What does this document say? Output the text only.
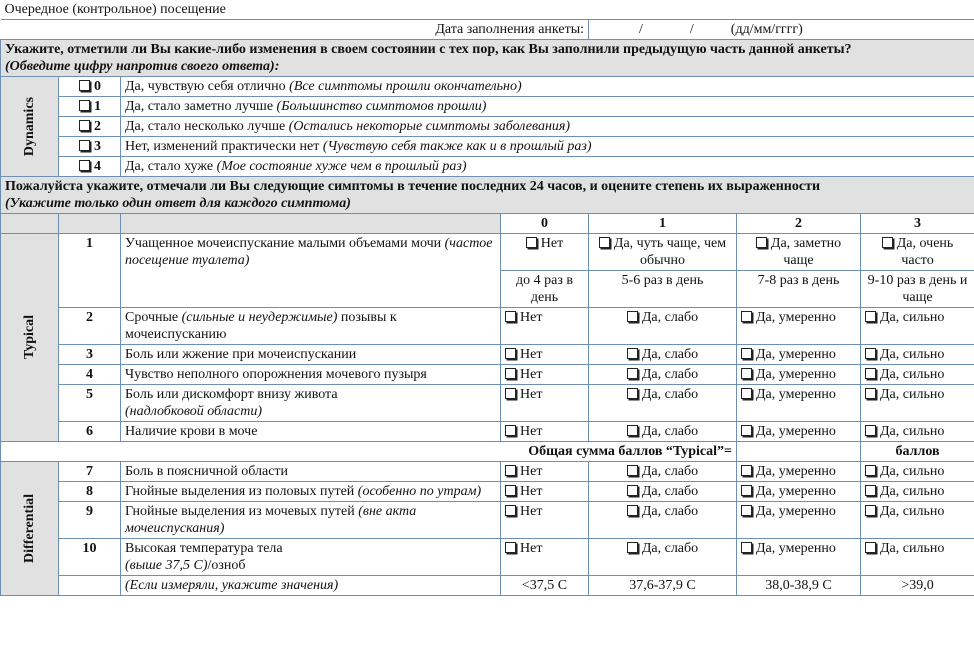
Очередное (контрольное) посещение						
Дата заполнения анкеты:				/ / (дд/мм/гггг)		

Укажите, отметили ли Вы какие-либо изменения в своем состоянии с тех пор, как Вы заполнили предыдущую часть данной анкеты?
(Обведите цифру напротив своего ответа):						

Dynamics	0	Да, чувствую себя отлично (Все симптомы прошли окончательно)				
	1	Да, стало заметно лучше (Большинство симптомов прошли)				
	2	Да, стало несколько лучше (Остались некоторые симптомы заболевания)				
	3	Нет, изменений практически нет (Чувствую себя также как и в прошлый раз)				
	4	Да, стало хуже (Мое состояние хуже чем в прошлый раз)				

Пожалуйста укажите, отмечали ли Вы следующие симптомы в течение последних 24 часов, и оцените степень их выраженности
(Укажите только один ответ для каждого симптома)						

			0	1	2	3

Typical	1	Учащенное мочеиспускание малыми объемами мочи (частое посещение туалета)	Нет	Да, чуть чаще, чем обычно	Да, заметно чаще	Да, очень часто
			до 4 раз в день	5-6 раз в день	7-8 раз в день	9-10 раз в день и чаще
	2	Срочные (сильные и неудержимые) позывы к мочеиспусканию	Нет	Да, слабо	Да, умеренно	Да, сильно
	3	Боль или жжение при мочеиспускании	Нет	Да, слабо	Да, умеренно	Да, сильно
	4	Чувство неполного опорожнения мочевого пузыря	Нет	Да, слабо	Да, умеренно	Да, сильно
	5	Боль или дискомфорт внизу живота
(надлобковой области)	Нет	Да, слабо	Да, умеренно	Да, сильно
	6	Наличие крови в моче	Нет	Да, слабо	Да, умеренно	Да, сильно
Общая сумма баллов “Typical”=						баллов

Differential	7	Боль в поясничной области	Нет	Да, слабо	Да, умеренно	Да, сильно
	8	Гнойные выделения из половых путей (особенно по утрам)	Нет	Да, слабо	Да, умеренно	Да, сильно
	9	Гнойные выделения из мочевых путей (вне акта мочеиспускания)	Нет	Да, слабо	Да, умеренно	Да, сильно
	10	Высокая температура тела
(выше 37,5 С)/озноб	Нет	Да, слабо	Да, умеренно	Да, сильно
		(Если измеряли, укажите значения)	<37,5 С	37,6-37,9 С	38,0-38,9 С	>39,0
